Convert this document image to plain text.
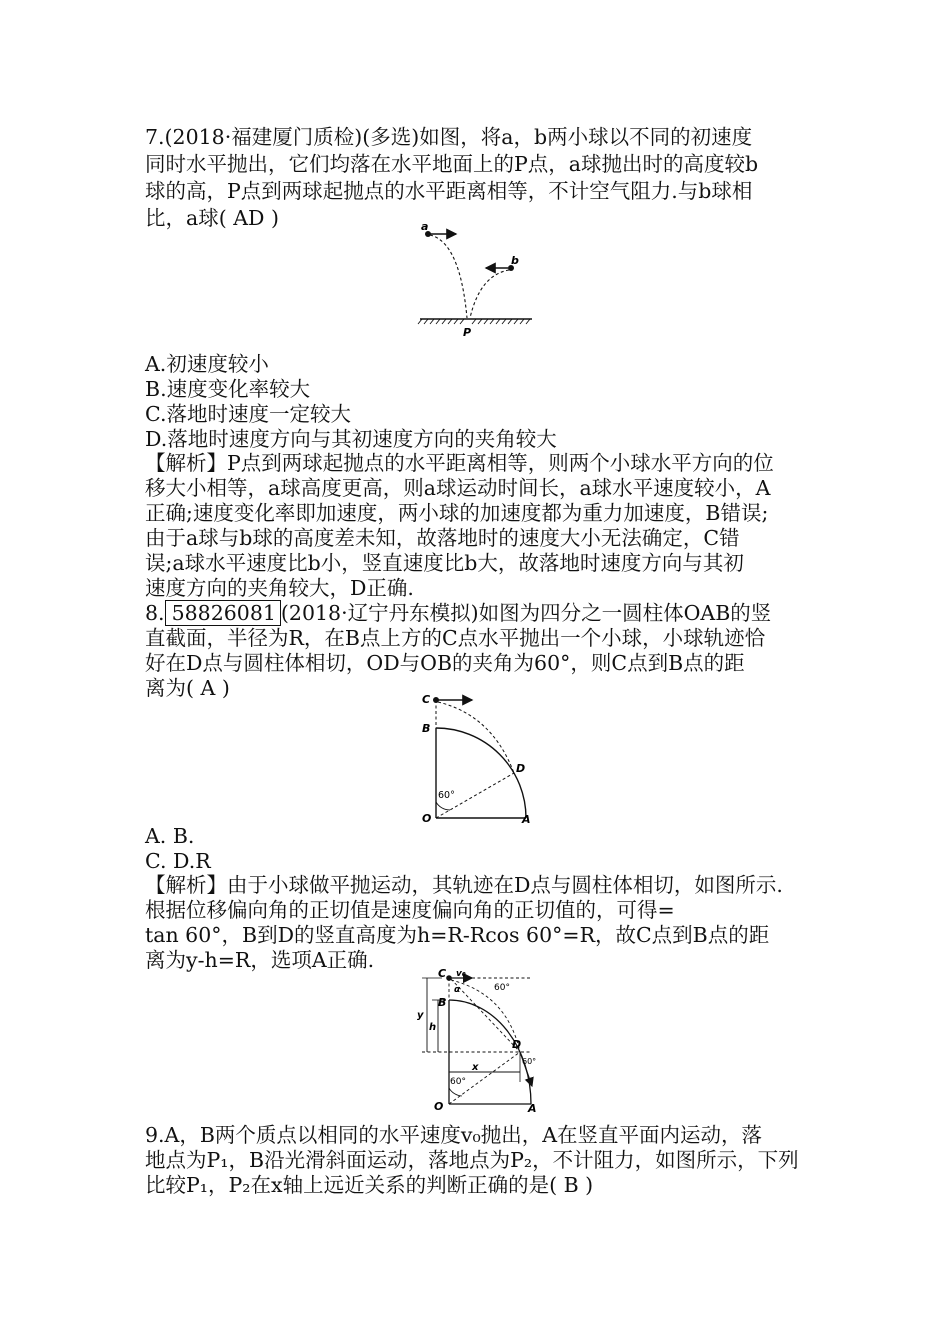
7.(2018·福建厦门质检)(多选)如图，将a，b两小球以不同的初速度
同时水平抛出，它们均落在水平地面上的P点，a球抛出时的高度较b
球的高，P点到两球起抛点的水平距离相等，不计空气阻力.与b球相
比，a球( AD )	a
b
P
A.初速度较小
B.速度变化率较大
C.落地时速度一定较大
D.落地时速度方向与其初速度方向的夹角较大
【解析】P点到两球起抛点的水平距离相等，则两个小球水平方向的位
移大小相等，a球高度更高，则a球运动时间长，a球水平速度较小，A
正确;速度变化率即加速度，两小球的加速度都为重力加速度，B错误;
由于a球与b球的高度差未知，故落地时的速度大小无法确定，C错
误;a球水平速度比b小，竖直速度比b大，故落地时速度方向与其初
速度方向的夹角较大，D正确.
8. 58826081 (2018·辽宁丹东模拟)如图为四分之一圆柱体OAB的竖
直截面，半径为R，在B点上方的C点水平抛出一个小球，小球轨迹恰
好在D点与圆柱体相切，OD与OB的夹角为60°，则C点到B点的距
离为( A )	C
B
D
60°
O	A
A. B.
C. D.R
【解析】由于小球做平抛运动，其轨迹在D点与圆柱体相切，如图所示.
根据位移偏向角的正切值是速度偏向角的正切值的，可得=
tan 60°，B到D的竖直高度为h=R-Rcos 60°=R，故C点到B点的距
离为y-h=R，选项A正确.
C v₀
α	60°
y
h
B
D
60°
x
60°
O	A
9.A，B两个质点以相同的水平速度v₀抛出，A在竖直平面内运动，落
地点为P₁，B沿光滑斜面运动，落地点为P₂，不计阻力，如图所示，下列
比较P₁，P₂在x轴上远近关系的判断正确的是( B )
